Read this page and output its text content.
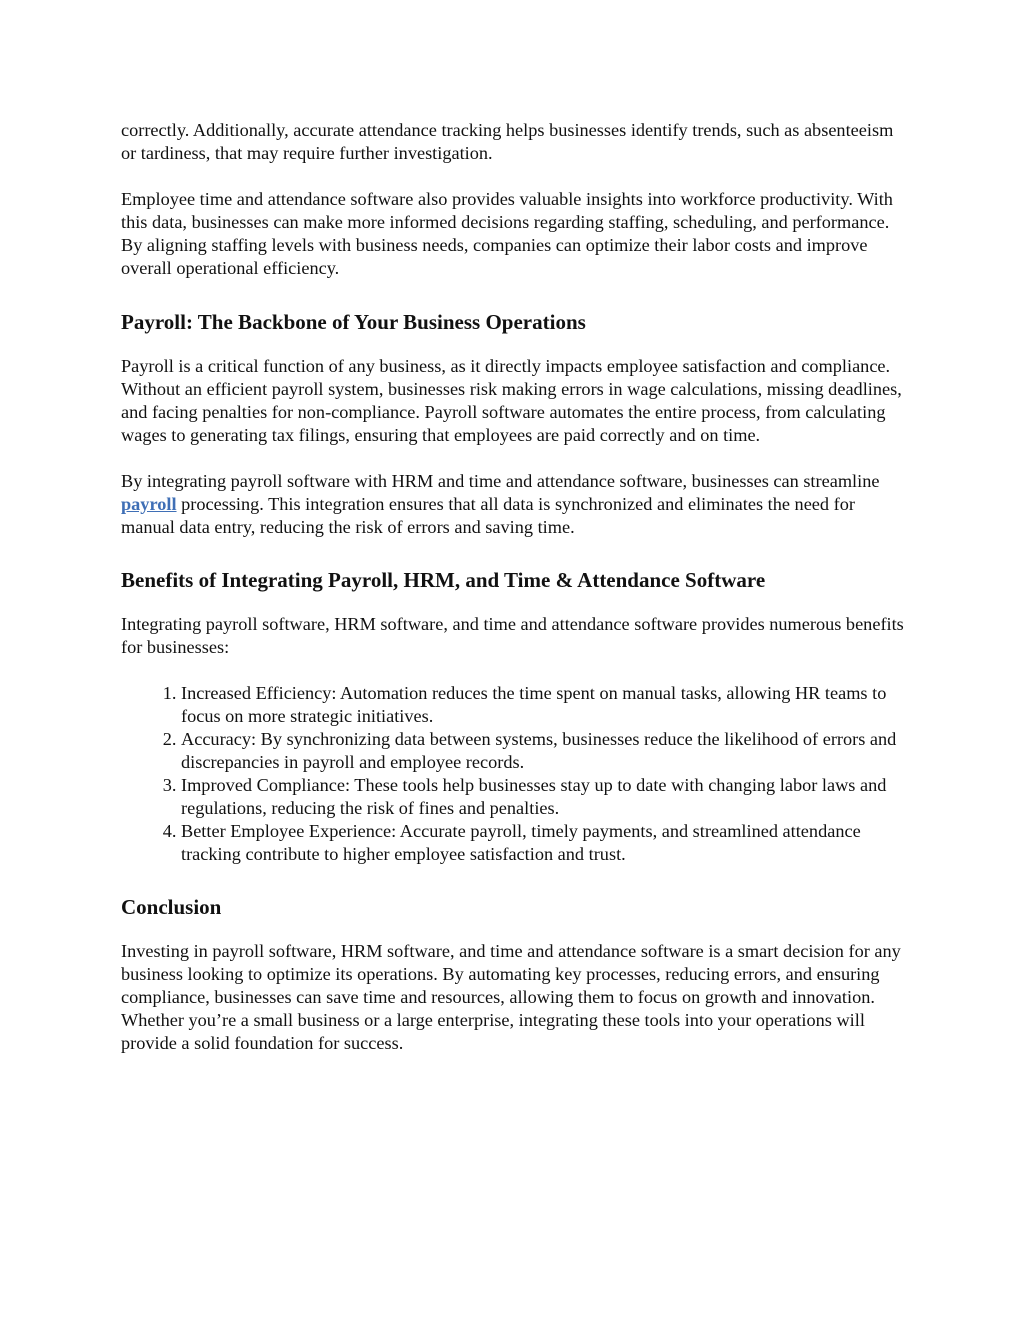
correctly. Additionally, accurate attendance tracking helps businesses identify trends, such as absenteeism or tardiness, that may require further investigation.

Employee time and attendance software also provides valuable insights into workforce productivity. With this data, businesses can make more informed decisions regarding staffing, scheduling, and performance. By aligning staffing levels with business needs, companies can optimize their labor costs and improve overall operational efficiency.

Payroll: The Backbone of Your Business Operations

Payroll is a critical function of any business, as it directly impacts employee satisfaction and compliance. Without an efficient payroll system, businesses risk making errors in wage calculations, missing deadlines, and facing penalties for non-compliance. Payroll software automates the entire process, from calculating wages to generating tax filings, ensuring that employees are paid correctly and on time.

By integrating payroll software with HRM and time and attendance software, businesses can streamline payroll processing. This integration ensures that all data is synchronized and eliminates the need for manual data entry, reducing the risk of errors and saving time.

Benefits of Integrating Payroll, HRM, and Time & Attendance Software

Integrating payroll software, HRM software, and time and attendance software provides numerous benefits for businesses:

1. Increased Efficiency: Automation reduces the time spent on manual tasks, allowing HR teams to focus on more strategic initiatives.
2. Accuracy: By synchronizing data between systems, businesses reduce the likelihood of errors and discrepancies in payroll and employee records.
3. Improved Compliance: These tools help businesses stay up to date with changing labor laws and regulations, reducing the risk of fines and penalties.
4. Better Employee Experience: Accurate payroll, timely payments, and streamlined attendance tracking contribute to higher employee satisfaction and trust.
Conclusion

Investing in payroll software, HRM software, and time and attendance software is a smart decision for any business looking to optimize its operations. By automating key processes, reducing errors, and ensuring compliance, businesses can save time and resources, allowing them to focus on growth and innovation. Whether you’re a small business or a large enterprise, integrating these tools into your operations will provide a solid foundation for success.
